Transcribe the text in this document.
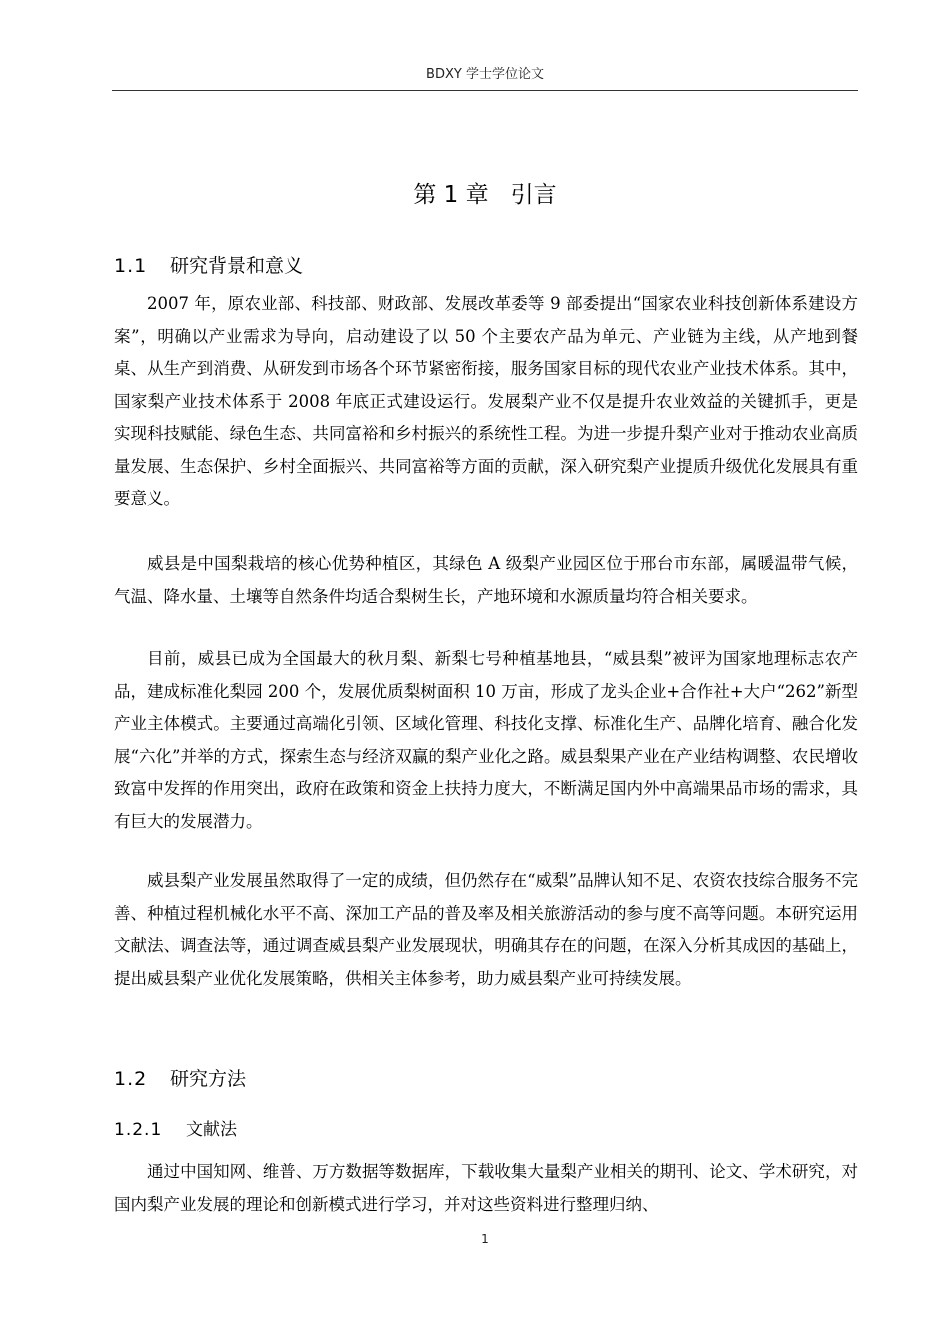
BDXY 学士学位论文
第 1 章 引言
1.1 研究背景和意义

2007 年，原农业部、科技部、财政部、发展改革委等 9 部委提出“国家农业科技创新体系建设方案”，明确以产业需求为导向，启动建设了以 50 个主要农产品为单元、产业链为主线，从产地到餐桌、从生产到消费、从研发到市场各个环节紧密衔接，服务国家目标的现代农业产业技术体系。其中，国家梨产业技术体系于 2008 年底正式建设运行。发展梨产业不仅是提升农业效益的关键抓手，更是实现科技赋能、绿色生态、共同富裕和乡村振兴的系统性工程。为进一步提升梨产业对于推动农业高质量发展、生态保护、乡村全面振兴、共同富裕等方面的贡献，深入研究梨产业提质升级优化发展具有重要意义。

威县是中国梨栽培的核心优势种植区，其绿色 A 级梨产业园区位于邢台市东部，属暖温带气候，气温、降水量、土壤等自然条件均适合梨树生长，产地环境和水源质量均符合相关要求。

目前，威县已成为全国最大的秋月梨、新梨七号种植基地县，“威县梨”被评为国家地理标志农产品，建成标准化梨园 200 个，发展优质梨树面积 10 万亩，形成了龙头企业+合作社+大户“262”新型产业主体模式。主要通过高端化引领、区域化管理、科技化支撑、标准化生产、品牌化培育、融合化发展“六化”并举的方式，探索生态与经济双赢的梨产业化之路。威县梨果产业在产业结构调整、农民增收致富中发挥的作用突出，政府在政策和资金上扶持力度大，不断满足国内外中高端果品市场的需求，具有巨大的发展潜力。

威县梨产业发展虽然取得了一定的成绩，但仍然存在“威梨”品牌认知不足、农资农技综合服务不完善、种植过程机械化水平不高、深加工产品的普及率及相关旅游活动的参与度不高等问题。本研究运用文献法、调查法等，通过调查威县梨产业发展现状，明确其存在的问题，在深入分析其成因的基础上，提出威县梨产业优化发展策略，供相关主体参考，助力威县梨产业可持续发展。

1.2 研究方法
1.2.1 文献法

通过中国知网、维普、万方数据等数据库，下载收集大量梨产业相关的期刊、论文、学术研究，对国内梨产业发展的理论和创新模式进行学习，并对这些资料进行整理归纳、

1
